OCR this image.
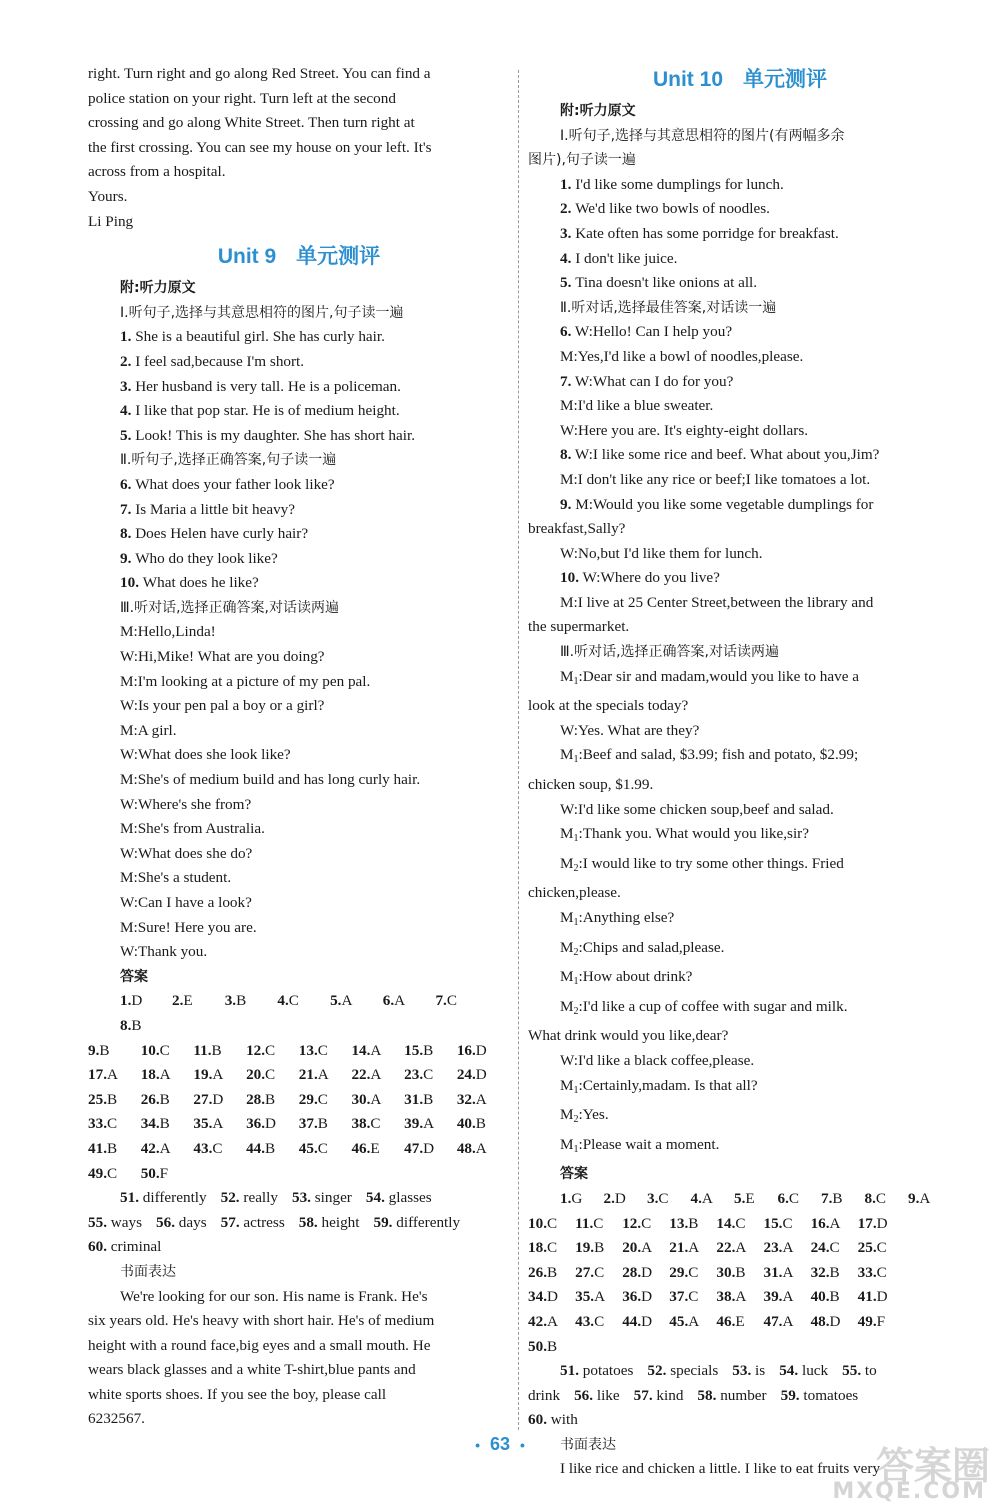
right. Turn right and go along Red Street. You can find a
police station on your right. Turn left at the second
crossing and go along White Street. Then turn right at
the first crossing. You can see my house on your left. It's
across from a hospital.
Yours.
Li Ping
Unit 9 单元测评
附:听力原文
Ⅰ.听句子,选择与其意思相符的图片,句子读一遍
1. She is a beautiful girl. She has curly hair.
2. I feel sad,because I'm short.
3. Her husband is very tall. He is a policeman.
4. I like that pop star. He is of medium height.
5. Look! This is my daughter. She has short hair.
Ⅱ.听句子,选择正确答案,句子读一遍
6. What does your father look like?
7. Is Maria a little bit heavy?
8. Does Helen have curly hair?
9. Who do they look like?
10. What does he like?
Ⅲ.听对话,选择正确答案,对话读两遍
M:Hello,Linda!
W:Hi,Mike! What are you doing?
M:I'm looking at a picture of my pen pal.
W:Is your pen pal a boy or a girl?
M:A girl.
W:What does she look like?
M:She's of medium build and has long curly hair.
W:Where's she from?
M:She's from Australia.
W:What does she do?
M:She's a student.
W:Can I have a look?
M:Sure! Here you are.
W:Thank you.
答案
1.D	2.E	3.B	4.C	5.A	6.A	7.C
8.B
9.B	10.C	11.B	12.C	13.C	14.A	15.B	16.D
17.A	18.A	19.A	20.C	21.A	22.A	23.C	24.D
25.B	26.B	27.D	28.B	29.C	30.A	31.B	32.A
33.C	34.B	35.A	36.D	37.B	38.C	39.A	40.B
41.B	42.A	43.C	44.B	45.C	46.E	47.D	48.A
49.C	50.F
51. differently 52. really 53. singer 54. glasses
55. ways 56. days 57. actress 58. height 59. differently
60. criminal
书面表达
We're looking for our son. His name is Frank. He's
six years old. He's heavy with short hair. He's of medium
height with a round face,big eyes and a small mouth. He
wears black glasses and a white T-shirt,blue pants and
white sports shoes. If you see the boy, please call
6232567.
Unit 10 单元测评
附:听力原文
Ⅰ.听句子,选择与其意思相符的图片(有两幅多余
图片),句子读一遍
1. I'd like some dumplings for lunch.
2. We'd like two bowls of noodles.
3. Kate often has some porridge for breakfast.
4. I don't like juice.
5. Tina doesn't like onions at all.
Ⅱ.听对话,选择最佳答案,对话读一遍
6. W:Hello! Can I help you?
M:Yes,I'd like a bowl of noodles,please.
7. W:What can I do for you?
M:I'd like a blue sweater.
W:Here you are. It's eighty-eight dollars.
8. W:I like some rice and beef. What about you,Jim?
M:I don't like any rice or beef;I like tomatoes a lot.
9. M:Would you like some vegetable dumplings for
breakfast,Sally?
W:No,but I'd like them for lunch.
10. W:Where do you live?
M:I live at 25 Center Street,between the library and
the supermarket.
Ⅲ.听对话,选择正确答案,对话读两遍
$M_1:Dear$ sir and madam,would you like to have a
look at the specials today?
W:Yes. What are they?
$M_1:Beef$ and salad, $3.99; fish and potato, $2.99;
chicken soup, $1.99.
W:I'd like some chicken soup,beef and salad.
$M_1:Thank$ you. What would you like,sir?
$M_2:I$ would like to try some other things. Fried
chicken,please.
$M_1:Anything$ else?
$M_2:Chips$ and salad,please.
$M_1:How$ about drink?
$M_2:I'd$ like a cup of coffee with sugar and milk.
What drink would you like,dear?
W:I'd like a black coffee,please.
$M_1:Certainly,madam$. Is that all?
$M_2:Yes$.
$M_1:Please$ wait a moment.
答案
1.G	2.D	3.C	4.A	5.E	6.C	7.B	8.C	9.A
10.C	11.C	12.C	13.B	14.C	15.C	16.A	17.D
18.C	19.B	20.A	21.A	22.A	23.A	24.C	25.C
26.B	27.C	28.D	29.C	30.B	31.A	32.B	33.C
34.D	35.A	36.D	37.C	38.A	39.A	40.B	41.D
42.A	43.C	44.D	45.A	46.E	47.A	48.D	49.F
50.B
51. potatoes 52. specials 53. is 54. luck 55. to
drink 56. like 57. kind 58. number 59. tomatoes
60. with
书面表达
I like rice and chicken a little. I like to eat fruits very
• 63 •	答案圈
MXQE.COM
